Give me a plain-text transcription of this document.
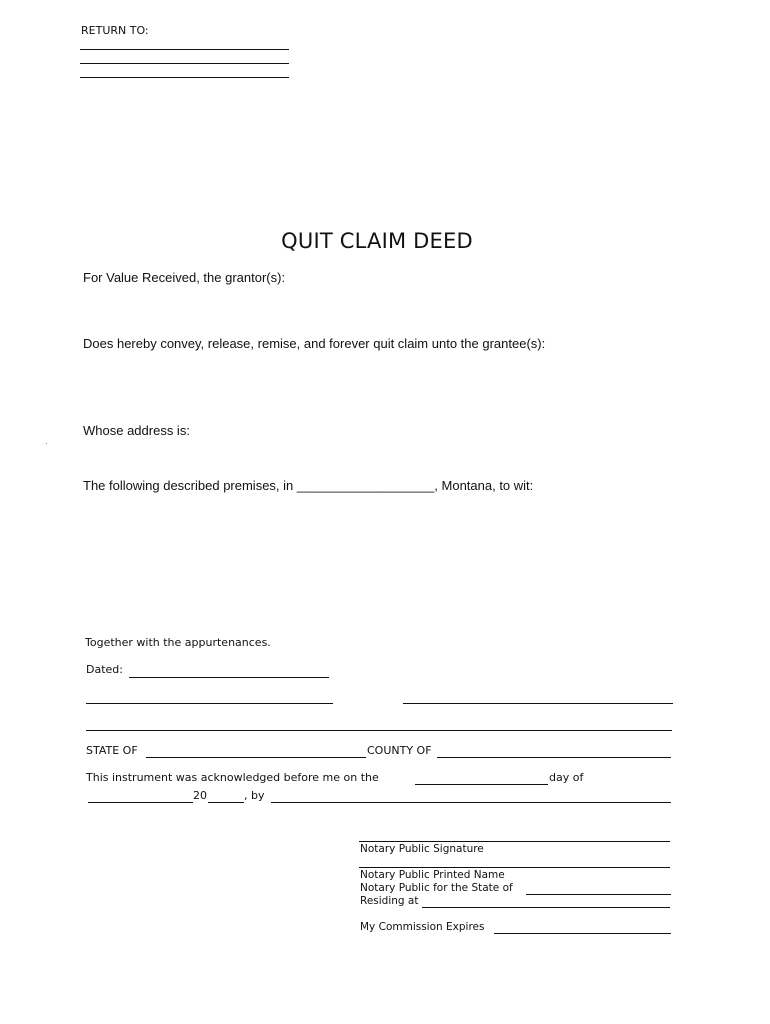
RETURN TO:
QUIT CLAIM DEED
For Value Received, the grantor(s):
Does hereby convey, release, remise, and forever quit claim unto the grantee(s):
Whose address is:
The following described premises, in ___________________, Montana, to wit:
Together with the appurtenances.
Dated:
STATE OF	COUNTY OF
This instrument was acknowledged before me on the	day of
20	, by
Notary Public Signature
Notary Public Printed Name
Notary Public for the State of
Residing at
My Commission Expires
